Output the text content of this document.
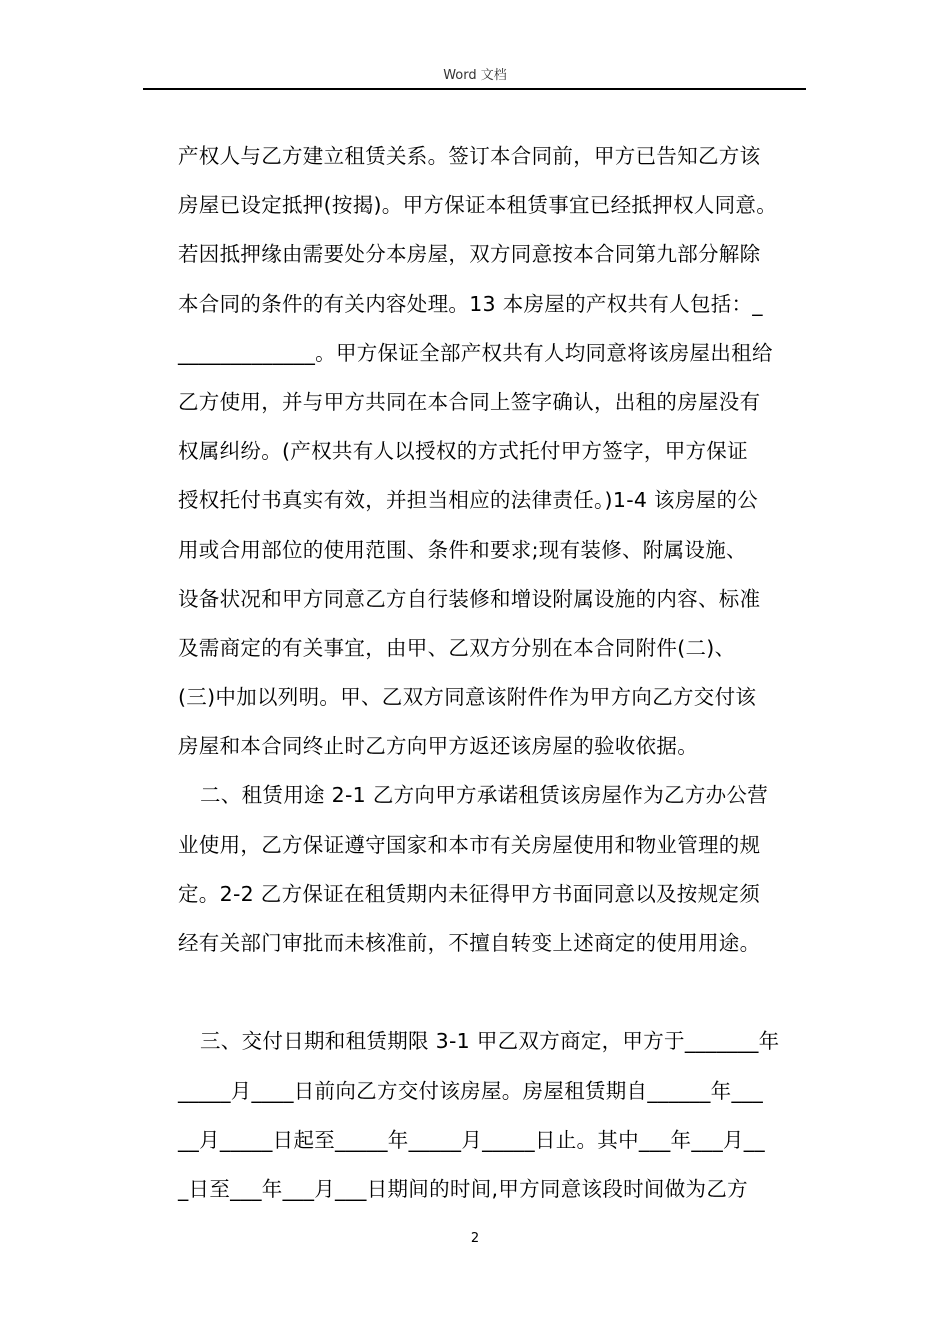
Word 文档
产权人与乙方建立租赁关系。签订本合同前，甲方已告知乙方该
房屋已设定抵押(按揭)。甲方保证本租赁事宜已经抵押权人同意。
若因抵押缘由需要处分本房屋，双方同意按本合同第九部分解除
本合同的条件的有关内容处理。13 本房屋的产权共有人包括：_
_____________。甲方保证全部产权共有人均同意将该房屋出租给
乙方使用，并与甲方共同在本合同上签字确认，出租的房屋没有
权属纠纷。(产权共有人以授权的方式托付甲方签字，甲方保证
授权托付书真实有效，并担当相应的法律责任。)1-4 该房屋的公
用或合用部位的使用范围、条件和要求;现有装修、附属设施、
设备状况和甲方同意乙方自行装修和增设附属设施的内容、标准
及需商定的有关事宜，由甲、乙双方分别在本合同附件(二)、
(三)中加以列明。甲、乙双方同意该附件作为甲方向乙方交付该
房屋和本合同终止时乙方向甲方返还该房屋的验收依据。
二、租赁用途 2-1 乙方向甲方承诺租赁该房屋作为乙方办公营
业使用，乙方保证遵守国家和本市有关房屋使用和物业管理的规
定。2-2 乙方保证在租赁期内未征得甲方书面同意以及按规定须
经有关部门审批而未核准前，不擅自转变上述商定的使用用途。
三、交付日期和租赁期限 3-1 甲乙双方商定，甲方于_______年
_____月____日前向乙方交付该房屋。房屋租赁期自______年___
__月_____日起至_____年_____月_____日止。其中___年___月__
_日至___年___月___日期间的时间,甲方同意该段时间做为乙方
2
